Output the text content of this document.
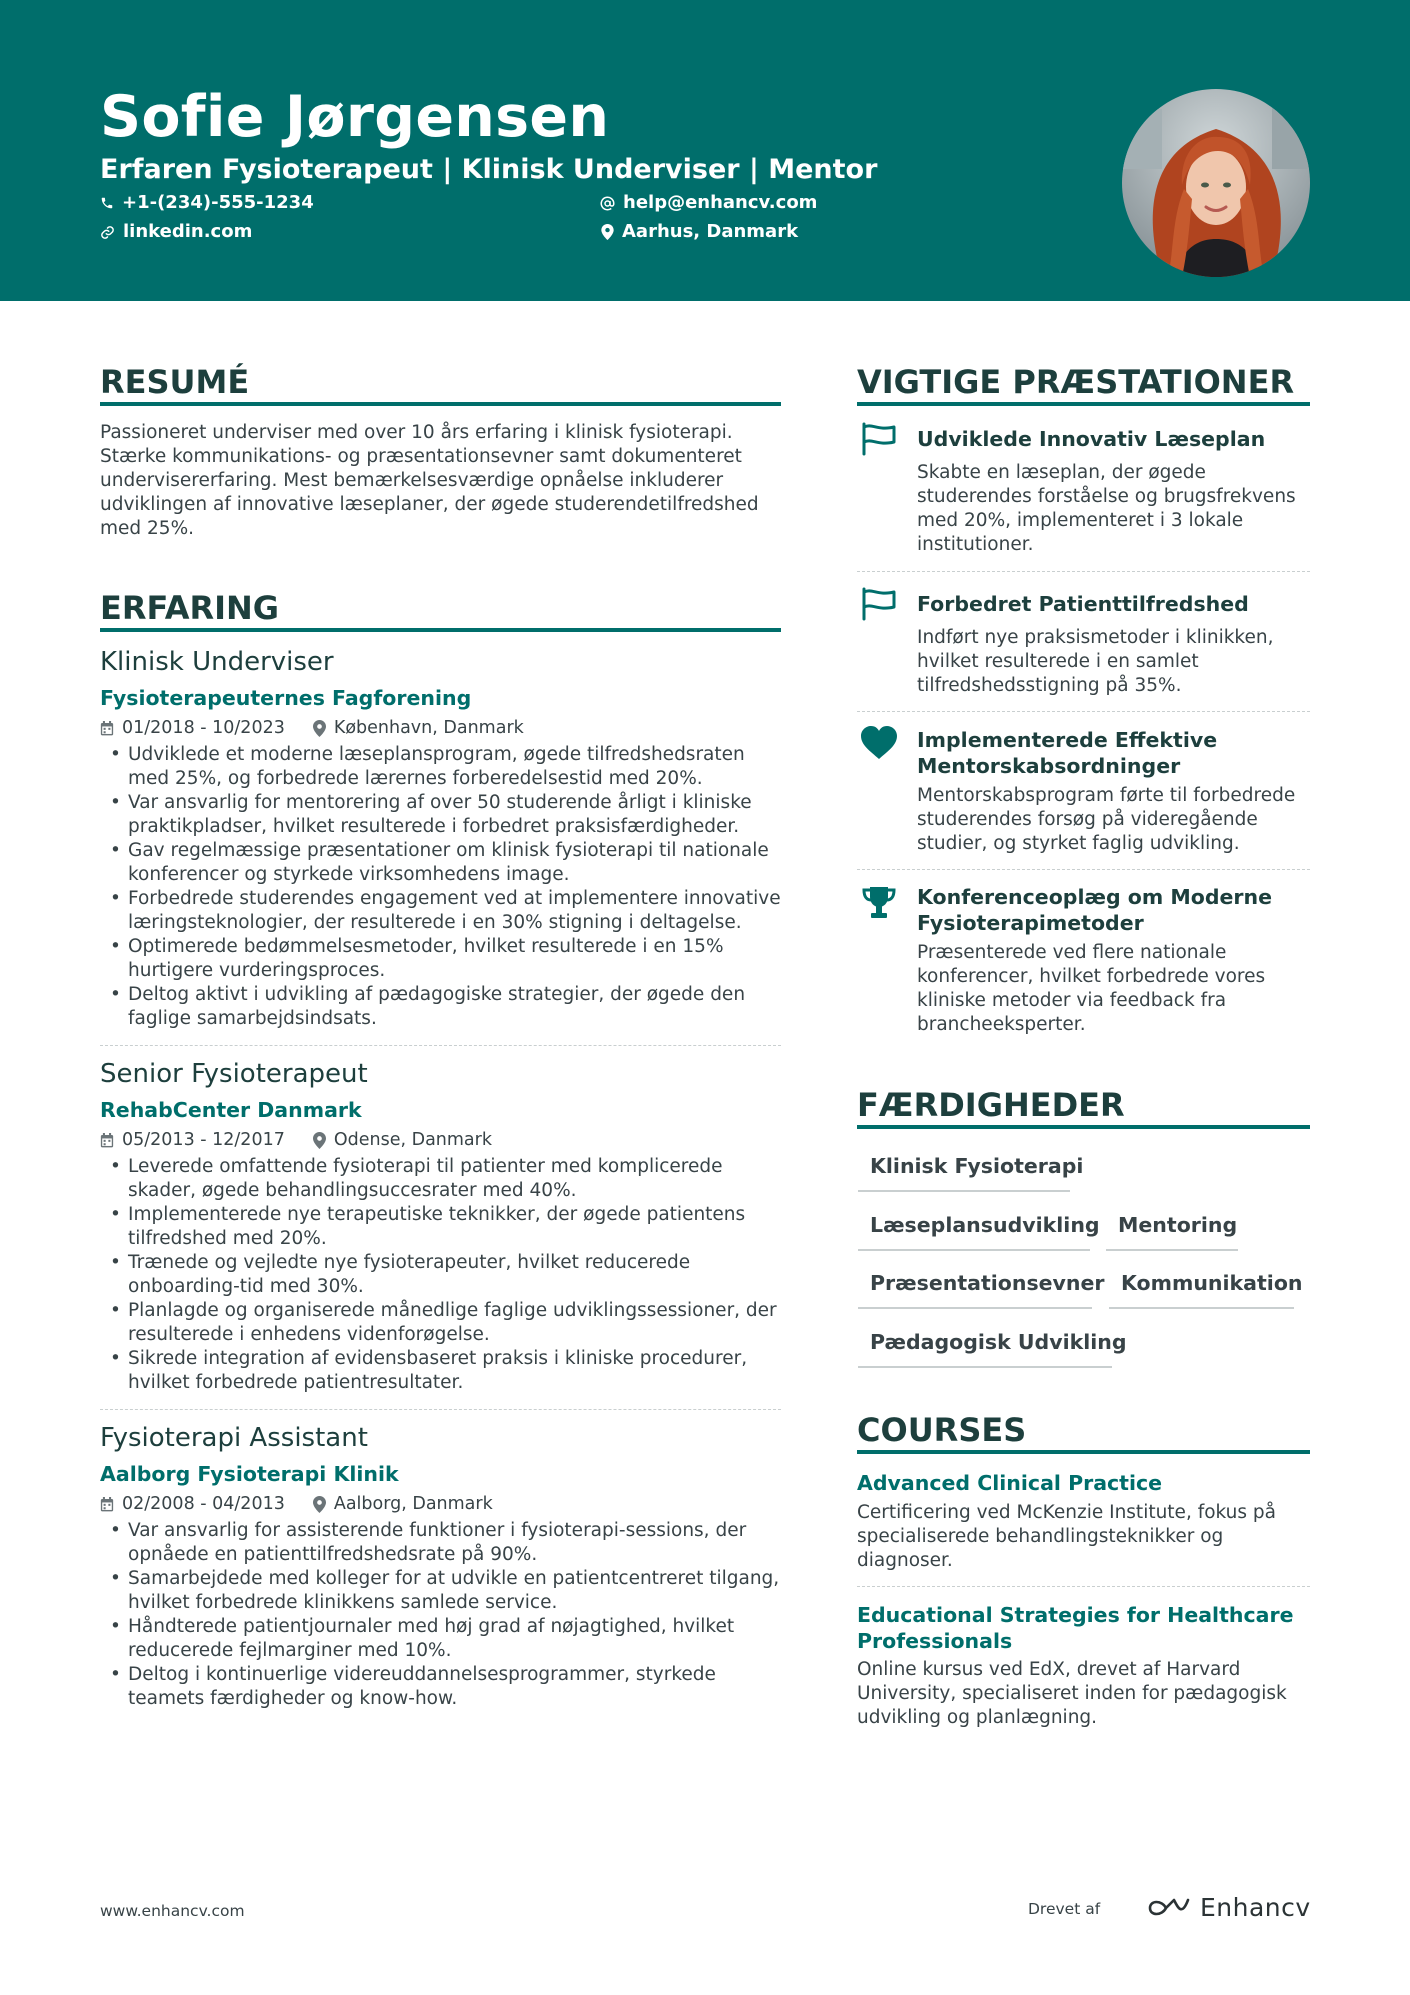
Sofie Jørgensen
Erfaren Fysioterapeut | Klinisk Underviser | Mentor
+1-(234)-555-1234	help@enhancv.com
linkedin.com	Aarhus, Danmark
RESUMÉ
Passioneret underviser med over 10 års erfaring i klinisk fysioterapi.
Stærke kommunikations- og præsentationsevner samt dokumenteret
undervisererfaring. Mest bemærkelsesværdige opnåelse inkluderer
udviklingen af innovative læseplaner, der øgede studerendetilfredshed
med 25%.
ERFARING
Klinisk Underviser
Fysioterapeuternes Fagforening
01/2018 - 10/2023	København, Danmark
• Udviklede et moderne læseplansprogram, øgede tilfredshedsraten
med 25%, og forbedrede lærernes forberedelsestid med 20%.
• Var ansvarlig for mentorering af over 50 studerende årligt i kliniske
praktikpladser, hvilket resulterede i forbedret praksisfærdigheder.
• Gav regelmæssige præsentationer om klinisk fysioterapi til nationale
konferencer og styrkede virksomhedens image.
• Forbedrede studerendes engagement ved at implementere innovative
læringsteknologier, der resulterede i en 30% stigning i deltagelse.
• Optimerede bedømmelsesmetoder, hvilket resulterede i en 15%
hurtigere vurderingsproces.
• Deltog aktivt i udvikling af pædagogiske strategier, der øgede den
faglige samarbejdsindsats.
Senior Fysioterapeut
RehabCenter Danmark
05/2013 - 12/2017	Odense, Danmark
• Leverede omfattende fysioterapi til patienter med komplicerede
skader, øgede behandlingsuccesrater med 40%.
• Implementerede nye terapeutiske teknikker, der øgede patientens
tilfredshed med 20%.
• Trænede og vejledte nye fysioterapeuter, hvilket reducerede
onboarding-tid med 30%.
• Planlagde og organiserede månedlige faglige udviklingssessioner, der
resulterede i enhedens videnforøgelse.
• Sikrede integration af evidensbaseret praksis i kliniske procedurer,
hvilket forbedrede patientresultater.
Fysioterapi Assistant
Aalborg Fysioterapi Klinik
02/2008 - 04/2013	Aalborg, Danmark
• Var ansvarlig for assisterende funktioner i fysioterapi-sessions, der
opnåede en patienttilfredshedsrate på 90%.
• Samarbejdede med kolleger for at udvikle en patientcentreret tilgang,
hvilket forbedrede klinikkens samlede service.
• Håndterede patientjournaler med høj grad af nøjagtighed, hvilket
reducerede fejlmarginer med 10%.
• Deltog i kontinuerlige videreuddannelsesprogrammer, styrkede
teamets færdigheder og know-how.
VIGTIGE PRÆSTATIONER
Udviklede Innovativ Læseplan
Skabte en læseplan, der øgede
studerendes forståelse og brugsfrekvens
med 20%, implementeret i 3 lokale
institutioner.
Forbedret Patienttilfredshed
Indført nye praksismetoder i klinikken,
hvilket resulterede i en samlet
tilfredshedsstigning på 35%.
Implementerede Effektive
Mentorskabsordninger
Mentorskabsprogram førte til forbedrede
studerendes forsøg på videregående
studier, og styrket faglig udvikling.
Konferenceoplæg om Moderne
Fysioterapimetoder
Præsenterede ved flere nationale
konferencer, hvilket forbedrede vores
kliniske metoder via feedback fra
brancheeksperter.
FÆRDIGHEDER
Klinisk Fysioterapi
Læseplansudvikling Mentoring
Præsentationsevner Kommunikation
Pædagogisk Udvikling
COURSES
Advanced Clinical Practice
Certificering ved McKenzie Institute, fokus på
specialiserede behandlingsteknikker og
diagnoser.
Educational Strategies for Healthcare
Professionals
Online kursus ved EdX, drevet af Harvard
University, specialiseret inden for pædagogisk
udvikling og planlægning.
www.enhancv.com	Drevet af	Enhancv
